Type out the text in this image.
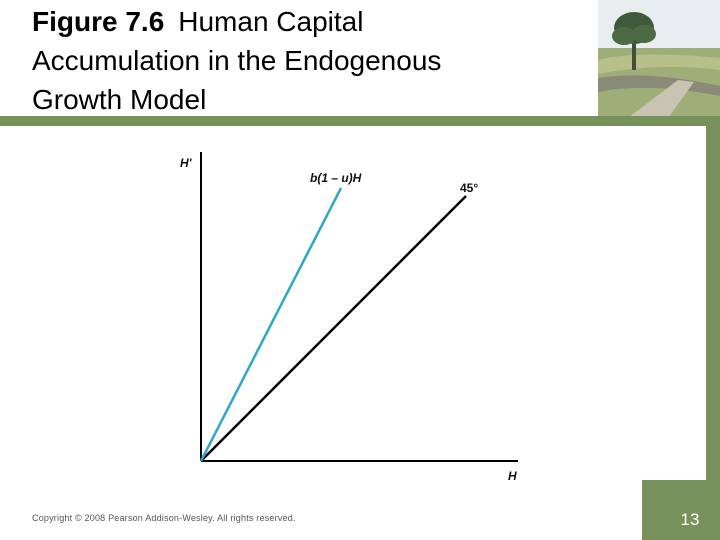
Figure 7.6 Human Capital
Accumulation in the Endogenous
Growth Model
H'
H
b(1 – u)H
45°
Copyright © 2008 Pearson Addison-Wesley. All rights reserved.	13
